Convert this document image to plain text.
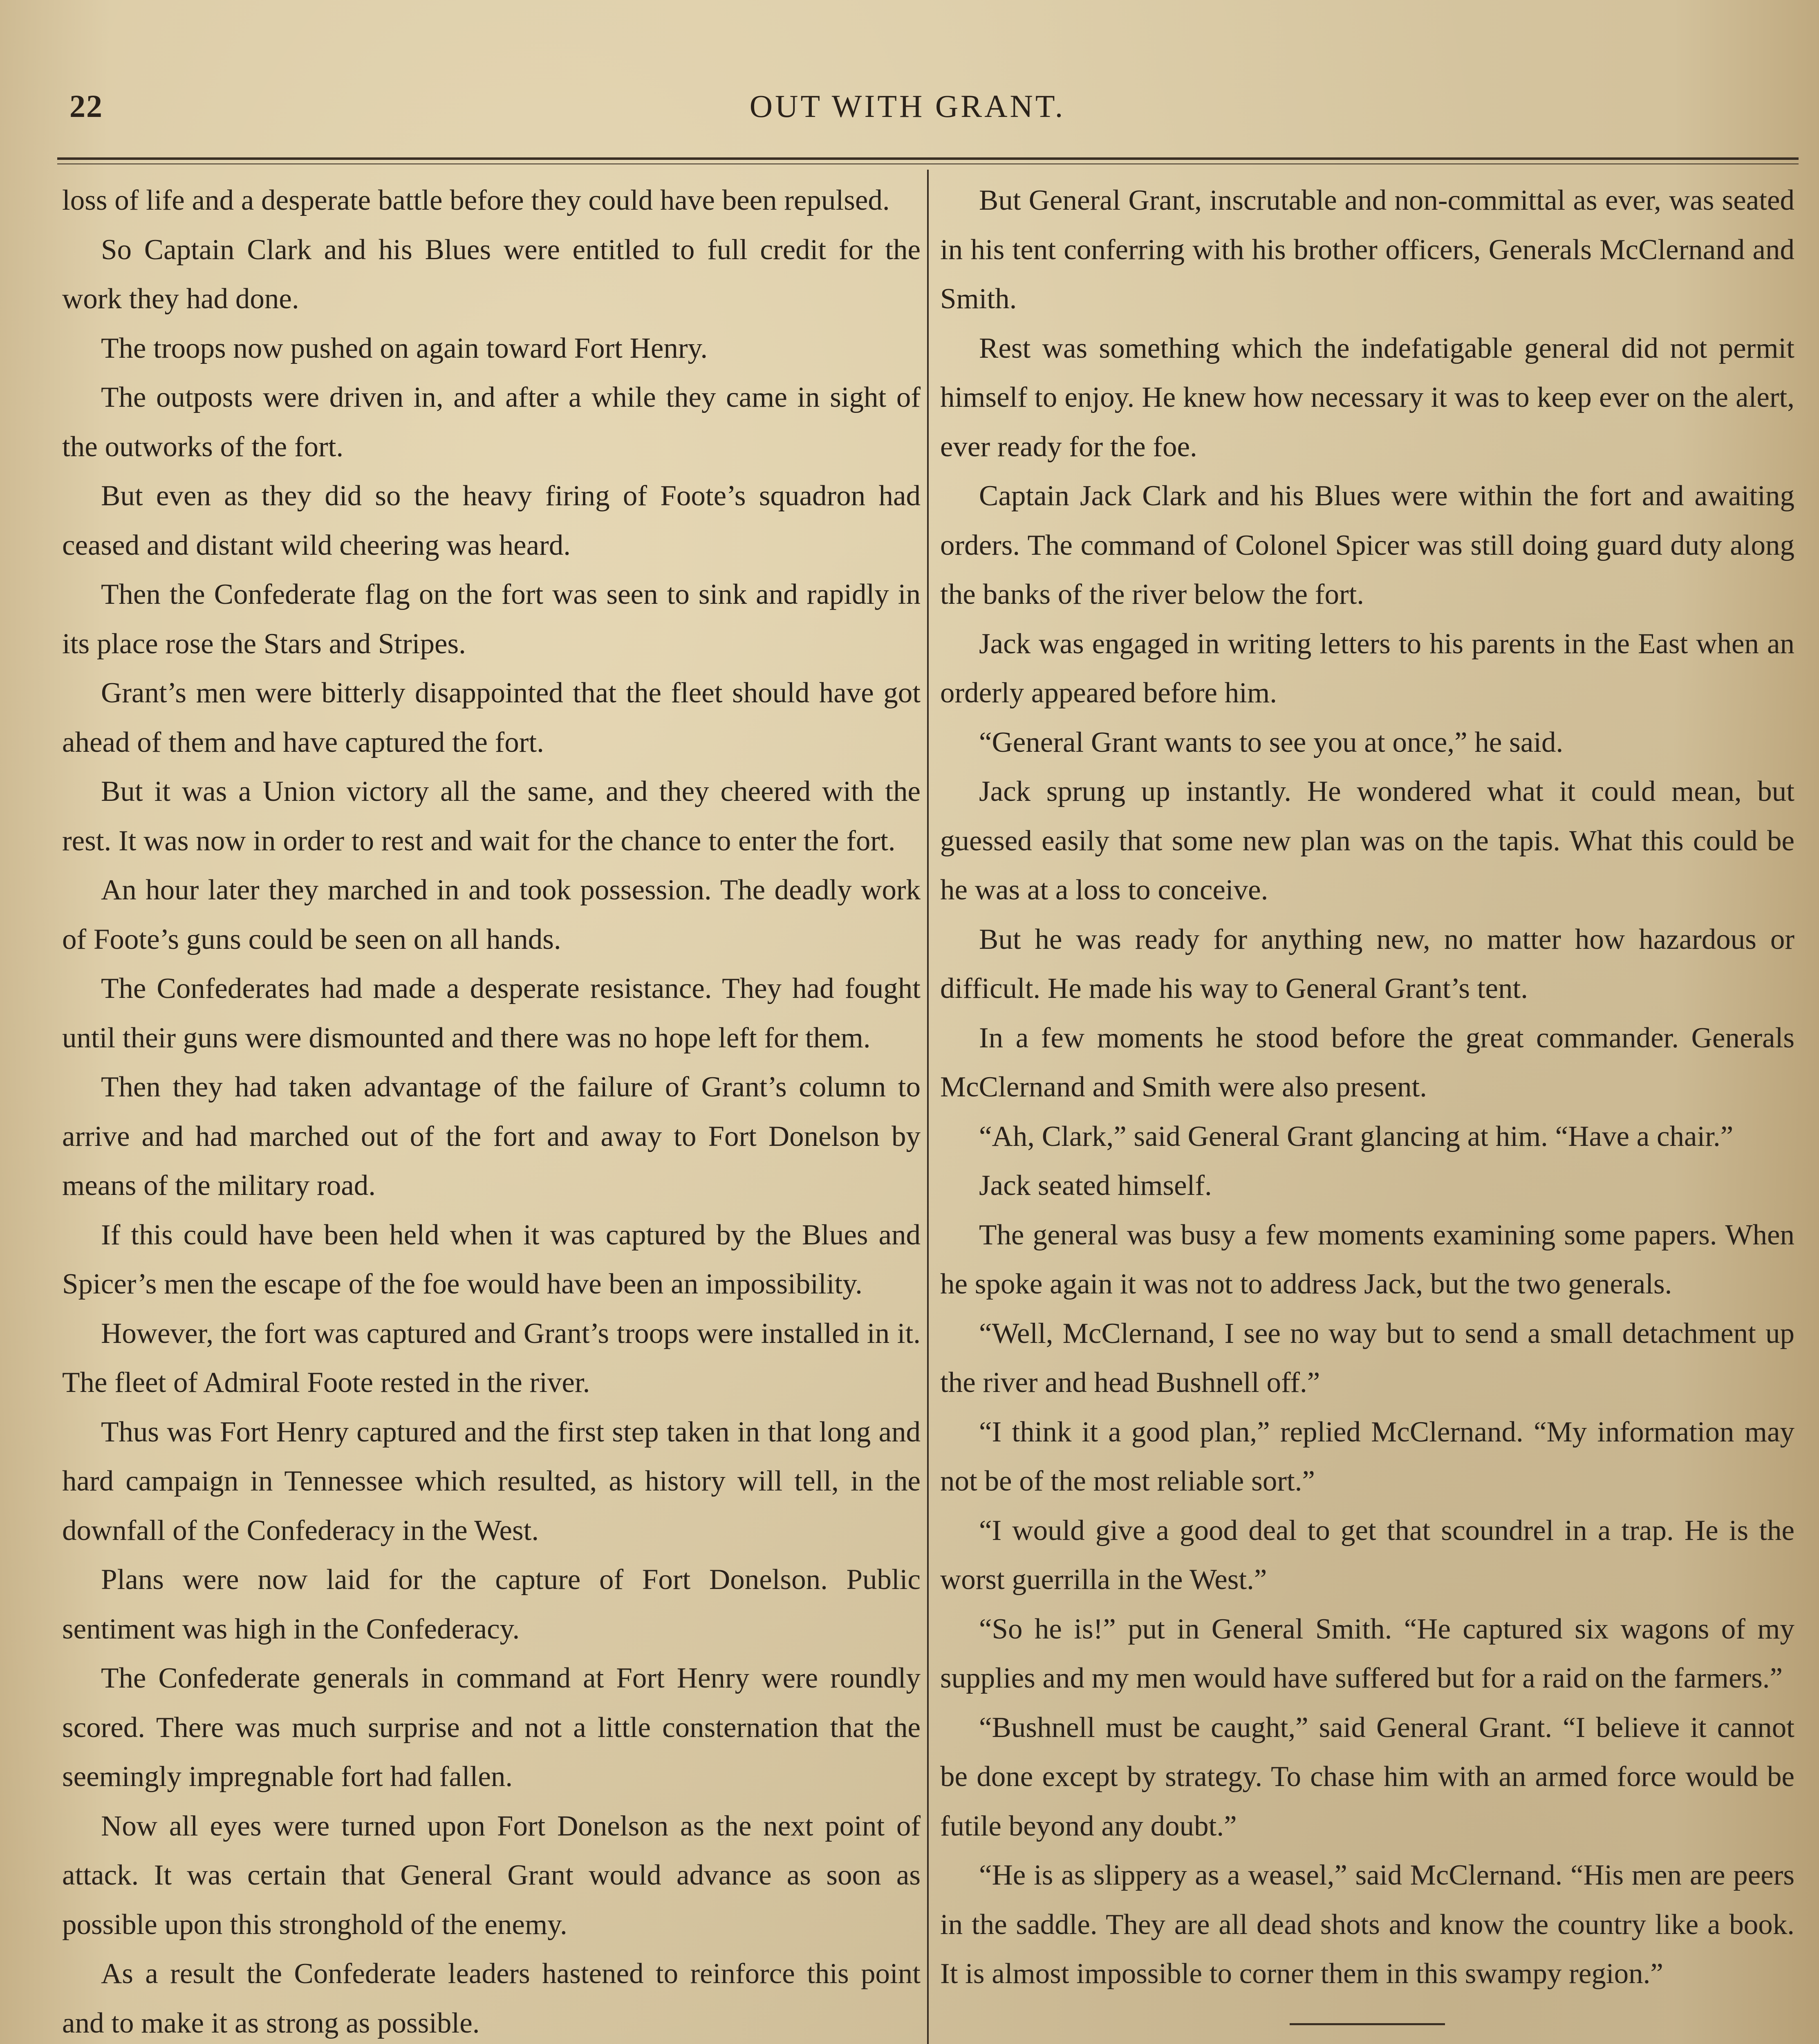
22	OUT WITH GRANT.

loss of life and a desperate battle before they could have been repulsed.

So Captain Clark and his Blues were entitled to full credit for the work they had done.

The troops now pushed on again toward Fort Henry.

The outposts were driven in, and after a while they came in sight of the outworks of the fort.

But even as they did so the heavy firing of Foote’s squadron had ceased and distant wild cheering was heard.

Then the Confederate flag on the fort was seen to sink and rapidly in its place rose the Stars and Stripes.

Grant’s men were bitterly disappointed that the fleet should have got ahead of them and have captured the fort.

But it was a Union victory all the same, and they cheered with the rest. It was now in order to rest and wait for the chance to enter the fort.

An hour later they marched in and took possession. The deadly work of Foote’s guns could be seen on all hands.

The Confederates had made a desperate resistance. They had fought until their guns were dismounted and there was no hope left for them.

Then they had taken advantage of the failure of Grant’s column to arrive and had marched out of the fort and away to Fort Donelson by means of the military road.

If this could have been held when it was captured by the Blues and Spicer’s men the escape of the foe would have been an impossibility.

However, the fort was captured and Grant’s troops were installed in it. The fleet of Admiral Foote rested in the river.

Thus was Fort Henry captured and the first step taken in that long and hard campaign in Tennessee which resulted, as history will tell, in the downfall of the Confederacy in the West.

Plans were now laid for the capture of Fort Donelson. Public sentiment was high in the Confederacy.

The Confederate generals in command at Fort Henry were roundly scored. There was much surprise and not a little consternation that the seemingly impregnable fort had fallen.

Now all eyes were turned upon Fort Donelson as the next point of attack. It was certain that General Grant would advance as soon as possible upon this stronghold of the enemy.

As a result the Confederate leaders hastened to reinforce this point and to make it as strong as possible.

But General Grant, inscrutable and non-committal as ever, was seated in his tent conferring with his brother officers, Generals McClernand and Smith.

Rest was something which the indefatigable general did not permit himself to enjoy. He knew how necessary it was to keep ever on the alert, ever ready for the foe.

Captain Jack Clark and his Blues were within the fort and awaiting orders. The command of Colonel Spicer was still doing guard duty along the banks of the river below the fort.

Jack was engaged in writing letters to his parents in the East when an orderly appeared before him.

“General Grant wants to see you at once,” he said.

Jack sprung up instantly. He wondered what it could mean, but guessed easily that some new plan was on the tapis. What this could be he was at a loss to conceive.

But he was ready for anything new, no matter how hazardous or difficult. He made his way to General Grant’s tent.

In a few moments he stood before the great commander. Generals McClernand and Smith were also present.

“Ah, Clark,” said General Grant glancing at him. “Have a chair.”

Jack seated himself.

The general was busy a few moments examining some papers. When he spoke again it was not to address Jack, but the two generals.

“Well, McClernand, I see no way but to send a small detachment up the river and head Bushnell off.”

“I think it a good plan,” replied McClernand. “My information may not be of the most reliable sort.”

“I would give a good deal to get that scoundrel in a trap. He is the worst guerrilla in the West.”

“So he is!” put in General Smith. “He captured six wagons of my supplies and my men would have suffered but for a raid on the farmers.”

“Bushnell must be caught,” said General Grant. “I believe it cannot be done except by strategy. To chase him with an armed force would be futile beyond any doubt.”

“He is as slippery as a weasel,” said McClernand. “His men are peers in the saddle. They are all dead shots and know the country like a book. It is almost impossible to corner them in this swampy region.”
